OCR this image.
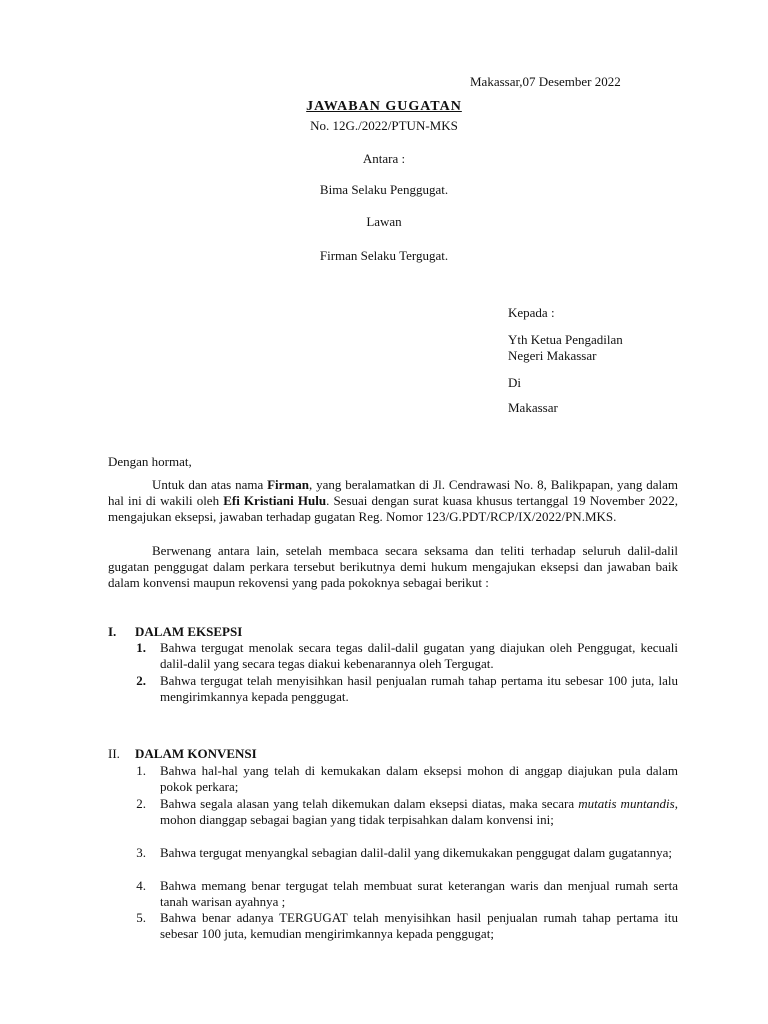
Makassar,07 Desember 2022
JAWABAN GUGATAN
No. 12G./2022/PTUN-MKS
Antara :
Bima Selaku Penggugat.
Lawan
Firman Selaku Tergugat.
Kepada :
Yth Ketua Pengadilan
Negeri Makassar
Di
Makassar
Dengan hormat,
Untuk dan atas nama Firman, yang beralamatkan di Jl. Cendrawasi No. 8, Balikpapan, yang dalam hal ini di wakili oleh Efi Kristiani Hulu. Sesuai dengan surat kuasa khusus tertanggal 19 November 2022, mengajukan eksepsi, jawaban terhadap gugatan Reg. Nomor 123/G.PDT/RCP/IX/2022/PN.MKS.
Berwenang antara lain, setelah membaca secara seksama dan teliti terhadap seluruh dalil-dalil gugatan penggugat dalam perkara tersebut berikutnya demi hukum mengajukan eksepsi dan jawaban baik dalam konvensi maupun rekovensi yang pada pokoknya sebagai berikut :
I. DALAM EKSEPSI
1. Bahwa tergugat menolak secara tegas dalil-dalil gugatan yang diajukan oleh Penggugat, kecuali dalil-dalil yang secara tegas diakui kebenarannya oleh Tergugat.
2. Bahwa tergugat telah menyisihkan hasil penjualan rumah tahap pertama itu sebesar 100 juta, lalu mengirimkannya kepada penggugat.
II. DALAM KONVENSI
1. Bahwa hal-hal yang telah di kemukakan dalam eksepsi mohon di anggap diajukan pula dalam pokok perkara;
2. Bahwa segala alasan yang telah dikemukan dalam eksepsi diatas, maka secara mutatis muntandis, mohon dianggap sebagai bagian yang tidak terpisahkan dalam konvensi ini;
3. Bahwa tergugat menyangkal sebagian dalil-dalil yang dikemukakan penggugat dalam gugatannya;
4. Bahwa memang benar tergugat telah membuat surat keterangan waris dan menjual rumah serta tanah warisan ayahnya ;
5. Bahwa benar adanya TERGUGAT telah menyisihkan hasil penjualan rumah tahap pertama itu sebesar 100 juta, kemudian mengirimkannya kepada penggugat;
